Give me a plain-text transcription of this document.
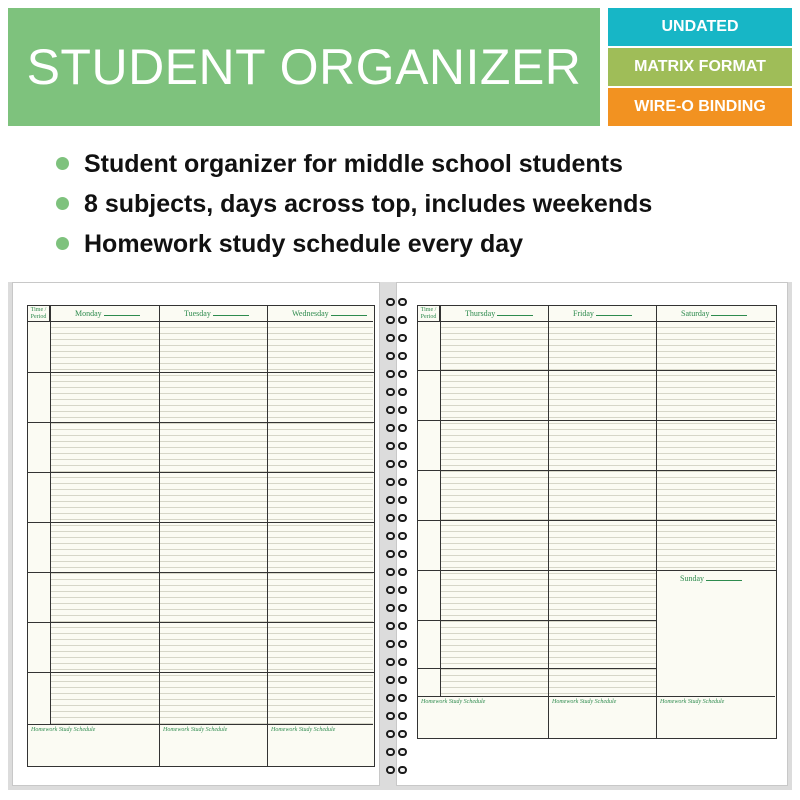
STUDENT ORGANIZER
UNDATED
MATRIX FORMAT
WIRE-O BINDING
Student organizer for middle school students
8 subjects, days across top, includes weekends
Homework study schedule every day
Time /
Period	Monday	Tuesday	Wednesday
Homework Study Schedule	Homework Study Schedule	Homework Study Schedule
Time /
Period	Thursday	Friday	Saturday
Sunday
Homework Study Schedule	Homework Study Schedule	Homework Study Schedule
